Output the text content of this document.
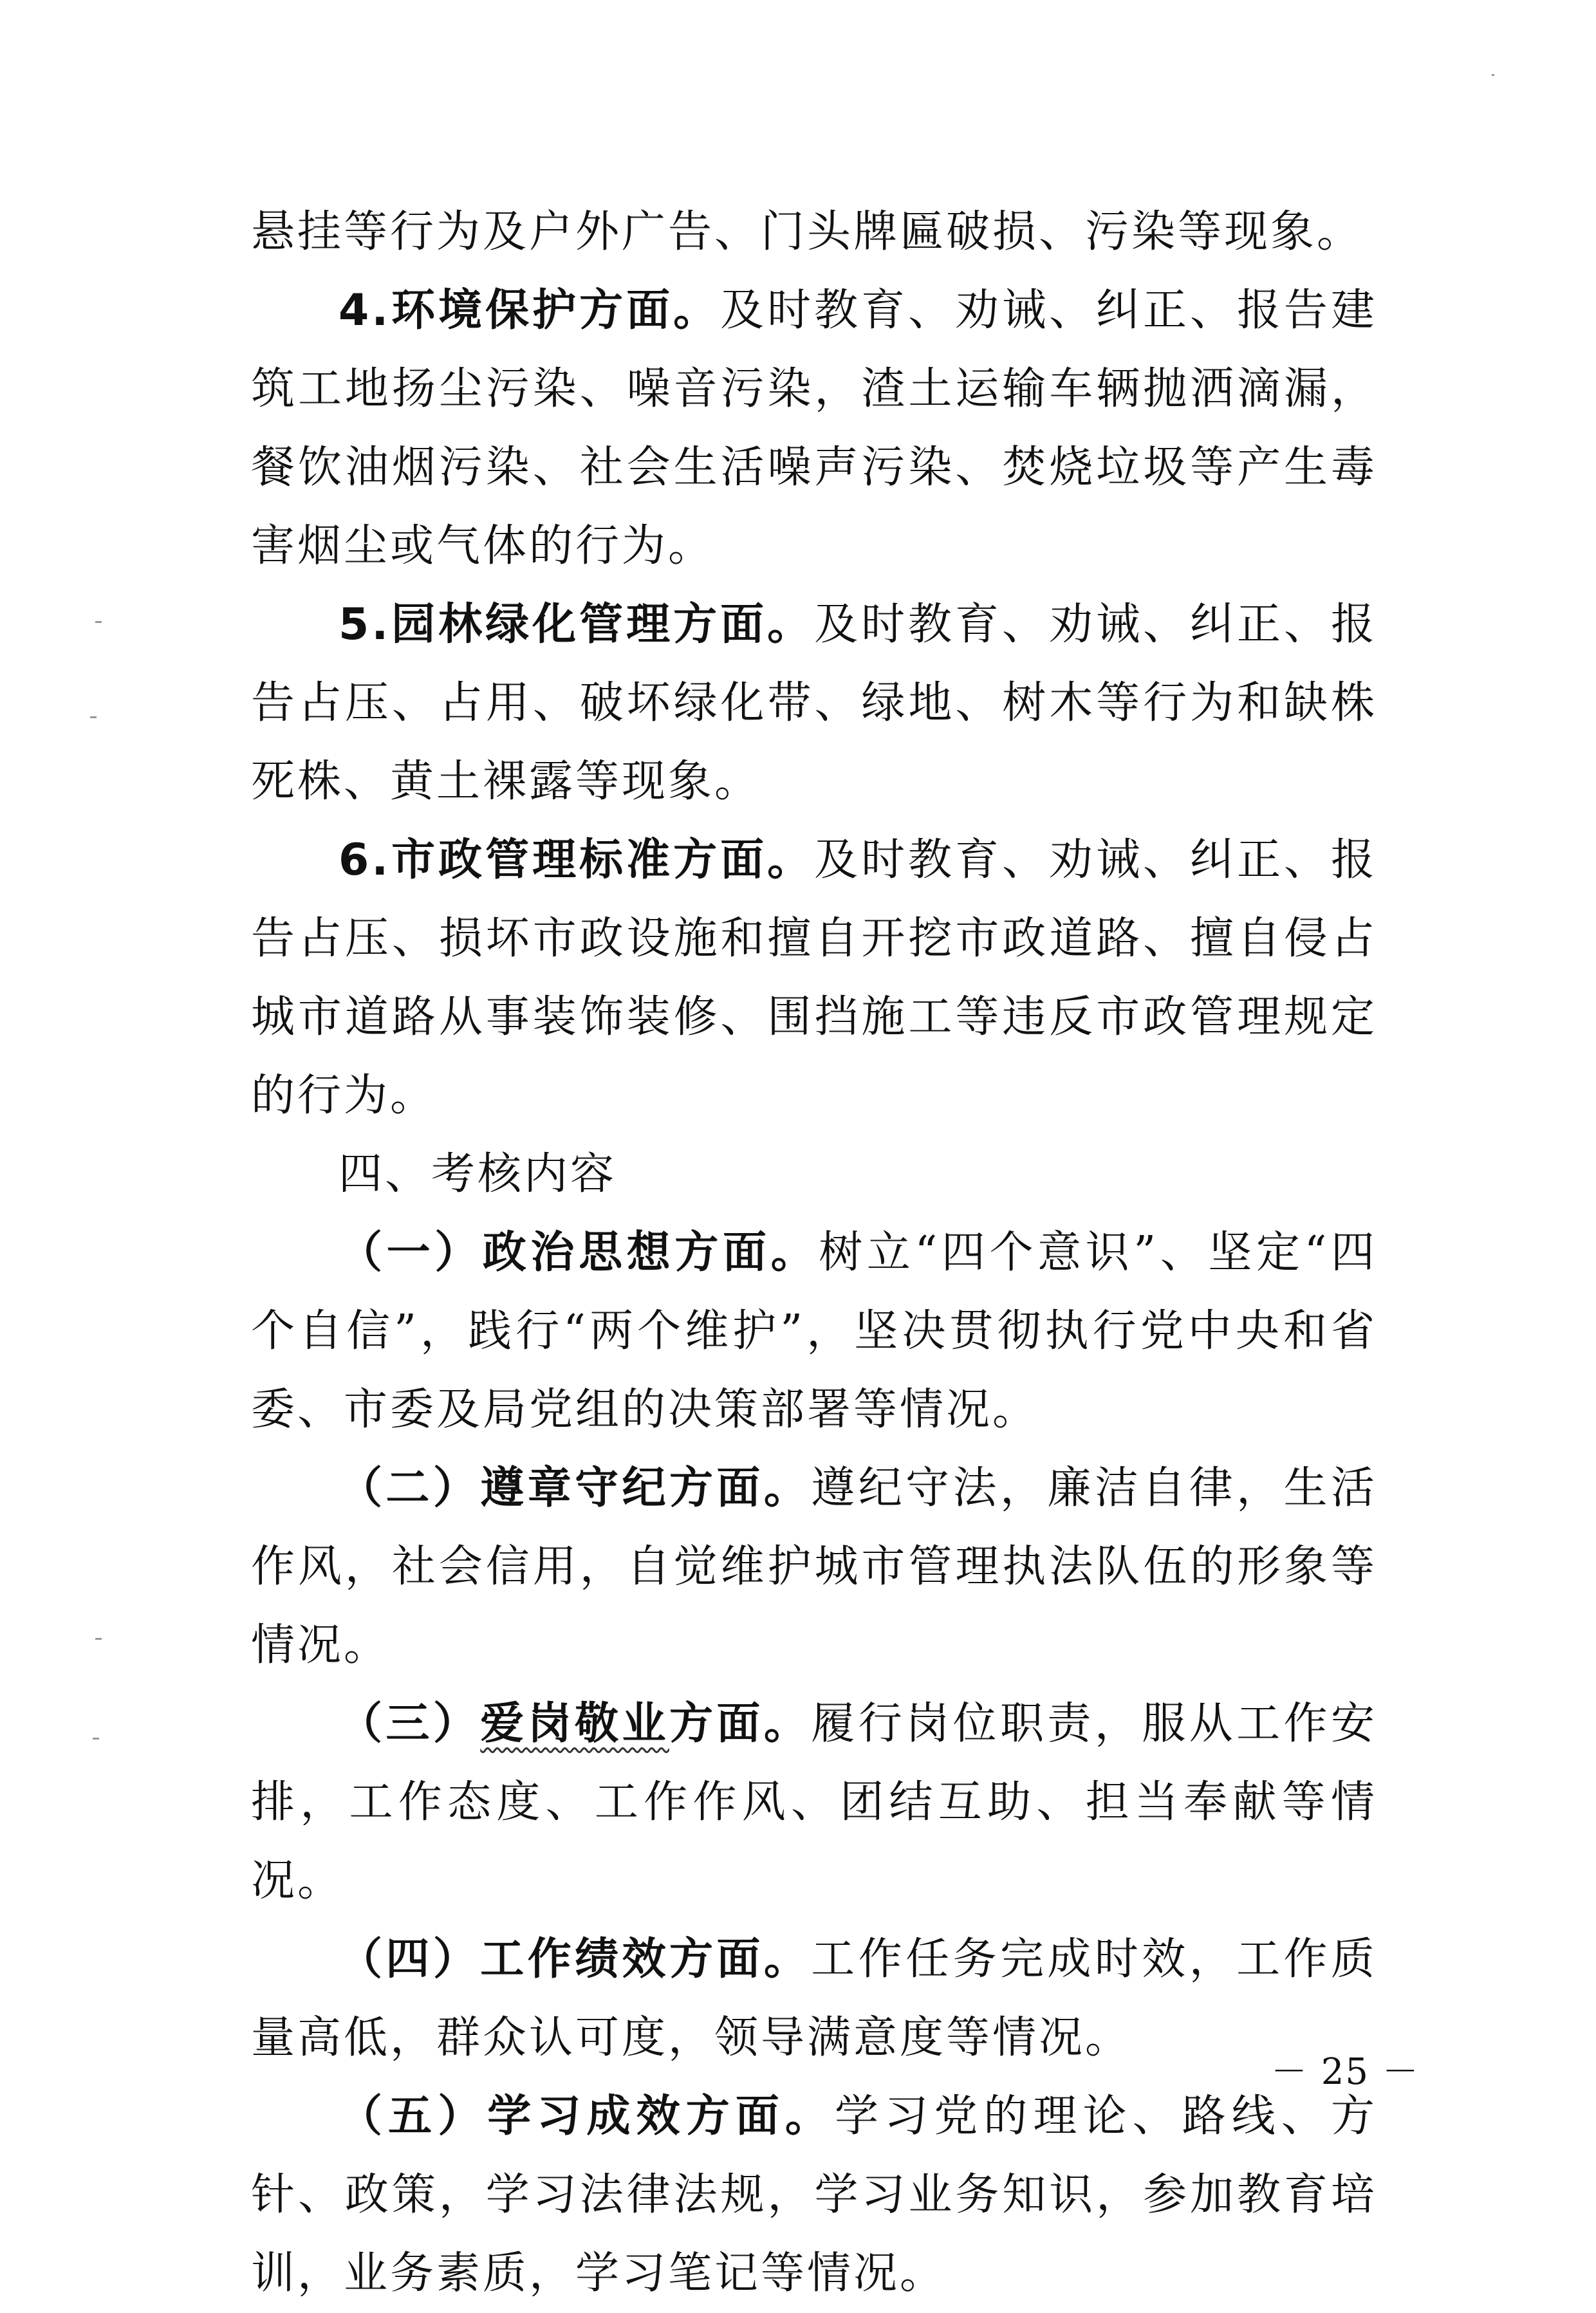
悬挂等行为及户外广告、门头牌匾破损、污染等现象。

4.环境保护方面。及时教育、劝诫、纠正、报告建筑工地扬尘污染、噪音污染，渣土运输车辆抛洒滴漏，餐饮油烟污染、社会生活噪声污染、焚烧垃圾等产生毒害烟尘或气体的行为。

5.园林绿化管理方面。及时教育、劝诫、纠正、报告占压、占用、破坏绿化带、绿地、树木等行为和缺株死株、黄土裸露等现象。

6.市政管理标准方面。及时教育、劝诫、纠正、报告占压、损坏市政设施和擅自开挖市政道路、擅自侵占城市道路从事装饰装修、围挡施工等违反市政管理规定的行为。

四、考核内容

（一）政治思想方面。树立“四个意识”、坚定“四个自信”，践行“两个维护”，坚决贯彻执行党中央和省委、市委及局党组的决策部署等情况。

（二）遵章守纪方面。遵纪守法，廉洁自律，生活作风，社会信用，自觉维护城市管理执法队伍的形象等情况。

（三）爱岗敬业方面。履行岗位职责，服从工作安排，工作态度、工作作风、团结互助、担当奉献等情况。

（四）工作绩效方面。工作任务完成时效，工作质量高低，群众认可度，领导满意度等情况。

（五）学习成效方面。学习党的理论、路线、方针、政策，学习法律法规，学习业务知识，参加教育培训，业务素质，学习笔记等情况。

－ 25 －
